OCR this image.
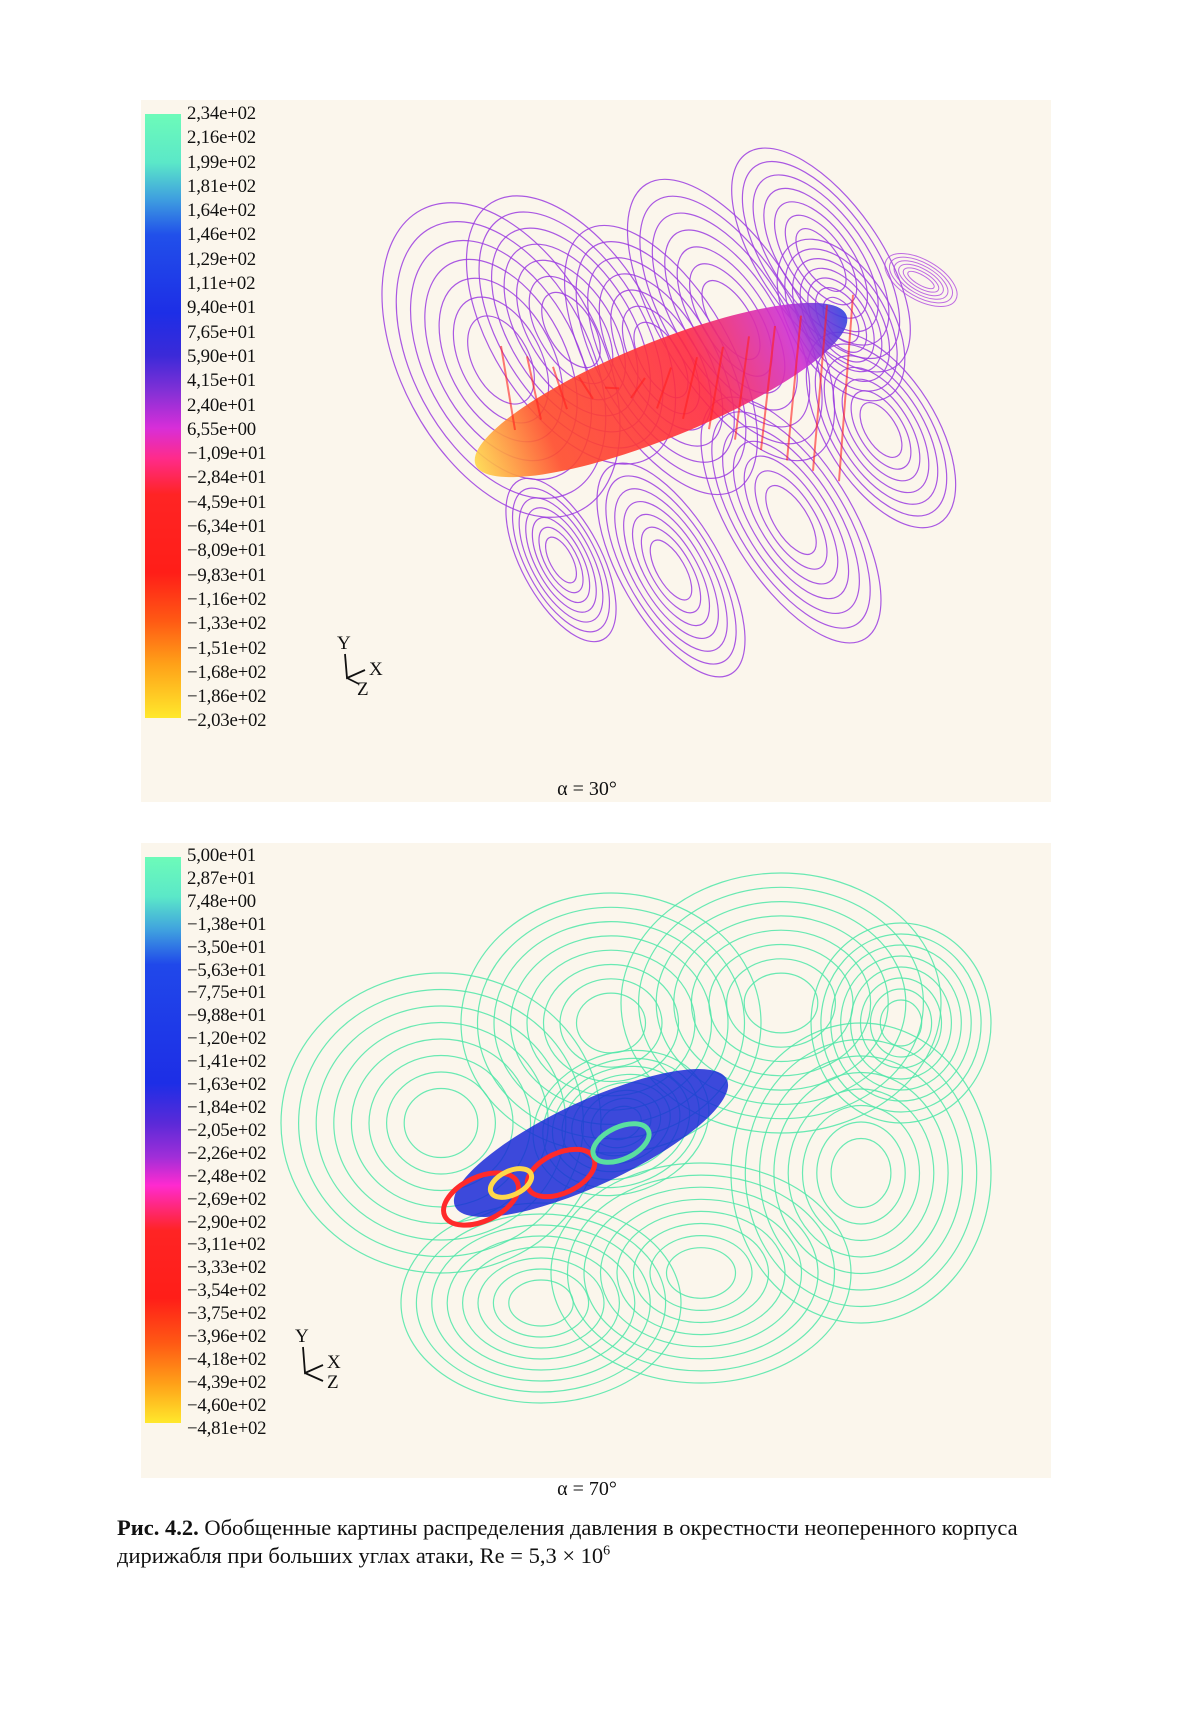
2,34e+02
2,16e+02
1,99e+02
1,81e+02
1,64e+02
1,46e+02
1,29e+02
1,11e+02
9,40e+01
7,65e+01
5,90e+01
4,15e+01
2,40e+01
6,55e+00
−1,09e+01
−2,84e+01
−4,59e+01
−6,34e+01
−8,09e+01
−9,83e+01
−1,16e+02
−1,33e+02
−1,51e+02
−1,68e+02
−1,86e+02
−2,03e+02
Y
X
Z
α = 30°
5,00e+01
2,87e+01
7,48e+00
−1,38e+01
−3,50e+01
−5,63e+01
−7,75e+01
−9,88e+01
−1,20e+02
−1,41e+02
−1,63e+02
−1,84e+02
−2,05e+02
−2,26e+02
−2,48e+02
−2,69e+02
−2,90e+02
−3,11e+02
−3,33e+02
−3,54e+02
−3,75e+02
−3,96e+02
−4,18e+02
−4,39e+02
−4,60e+02
−4,81e+02
Y
X
Z
α = 70°
Рис. 4.2. Обобщенные картины распределения давления в окрестности неоперенного корпуса дирижабля при больших углах атаки, $Re = 5,3 \times 10^6$
